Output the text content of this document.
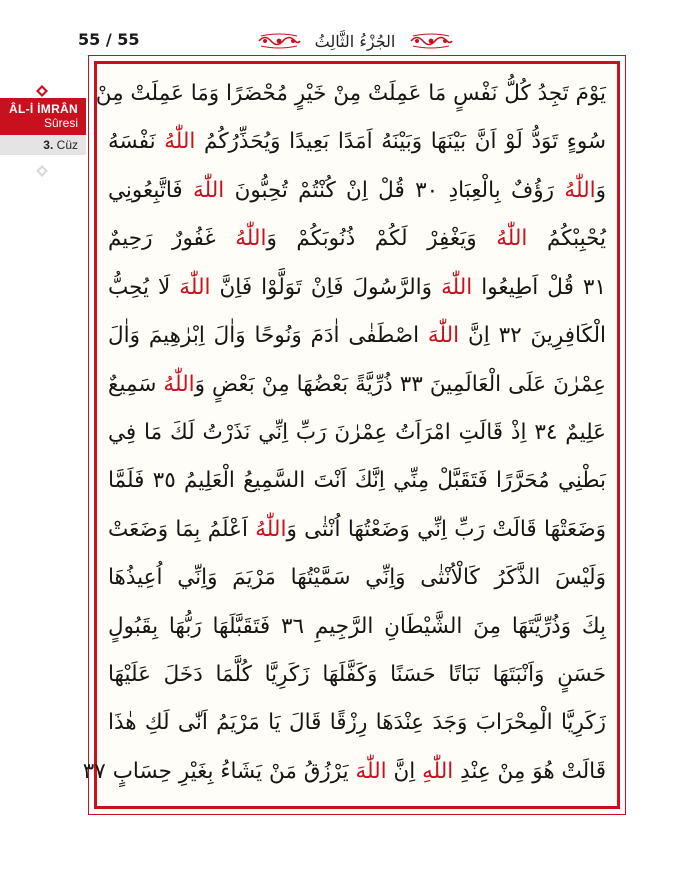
55 / 55	الجُزْءُ الثَّالِثُ
ÂL-İ İMRÂN
Sûresi
3. Cüz
يَوْمَ تَجِدُ كُلُّ نَفْسٍ مَا عَمِلَتْ مِنْ خَيْرٍ مُحْضَرًا وَمَا عَمِلَتْ مِنْ
سُوءٍ تَوَدُّ لَوْ اَنَّ بَيْنَهَا وَبَيْنَهُ اَمَدًا بَعِيدًا وَيُحَذِّرُكُمُ اللّٰهُ نَفْسَهُ
وَاللّٰهُ رَؤُفٌ بِالْعِبَادِ ٣٠ قُلْ اِنْ كُنْتُمْ تُحِبُّونَ اللّٰهَ فَاتَّبِعُونِي
يُحْبِبْكُمُ اللّٰهُ وَيَغْفِرْ لَكُمْ ذُنُوبَكُمْ وَاللّٰهُ غَفُورٌ رَحِيمٌ
٣١ قُلْ اَطِيعُوا اللّٰهَ وَالرَّسُولَ فَاِنْ تَوَلَّوْا فَاِنَّ اللّٰهَ لَا يُحِبُّ
الْكَافِرِينَ ٣٢ اِنَّ اللّٰهَ اصْطَفٰى اٰدَمَ وَنُوحًا وَاٰلَ اِبْرٰهِيمَ وَاٰلَ
عِمْرٰنَ عَلَى الْعَالَمِينَ ٣٣ ذُرِّيَّةً بَعْضُهَا مِنْ بَعْضٍ وَاللّٰهُ سَمِيعٌ
عَلِيمٌ ٣٤ اِذْ قَالَتِ امْرَاَتُ عِمْرٰنَ رَبِّ اِنِّي نَذَرْتُ لَكَ مَا فِي
بَطْنِي مُحَرَّرًا فَتَقَبَّلْ مِنِّي اِنَّكَ اَنْتَ السَّمِيعُ الْعَلِيمُ ٣٥ فَلَمَّا
وَضَعَتْهَا قَالَتْ رَبِّ اِنِّي وَضَعْتُهَا اُنْثٰى وَاللّٰهُ اَعْلَمُ بِمَا وَضَعَتْ
وَلَيْسَ الذَّكَرُ كَالْاُنْثٰى وَاِنِّي سَمَّيْتُهَا مَرْيَمَ وَاِنِّي اُعِيذُهَا
بِكَ وَذُرِّيَّتَهَا مِنَ الشَّيْطَانِ الرَّجِيمِ ٣٦ فَتَقَبَّلَهَا رَبُّهَا بِقَبُولٍ
حَسَنٍ وَاَنْبَتَهَا نَبَاتًا حَسَنًا وَكَفَّلَهَا زَكَرِيَّا كُلَّمَا دَخَلَ عَلَيْهَا
زَكَرِيَّا الْمِحْرَابَ وَجَدَ عِنْدَهَا رِزْقًا قَالَ يَا مَرْيَمُ اَنّٰى لَكِ هٰذَا
قَالَتْ هُوَ مِنْ عِنْدِ اللّٰهِ اِنَّ اللّٰهَ يَرْزُقُ مَنْ يَشَاءُ بِغَيْرِ حِسَابٍ ٣٧
